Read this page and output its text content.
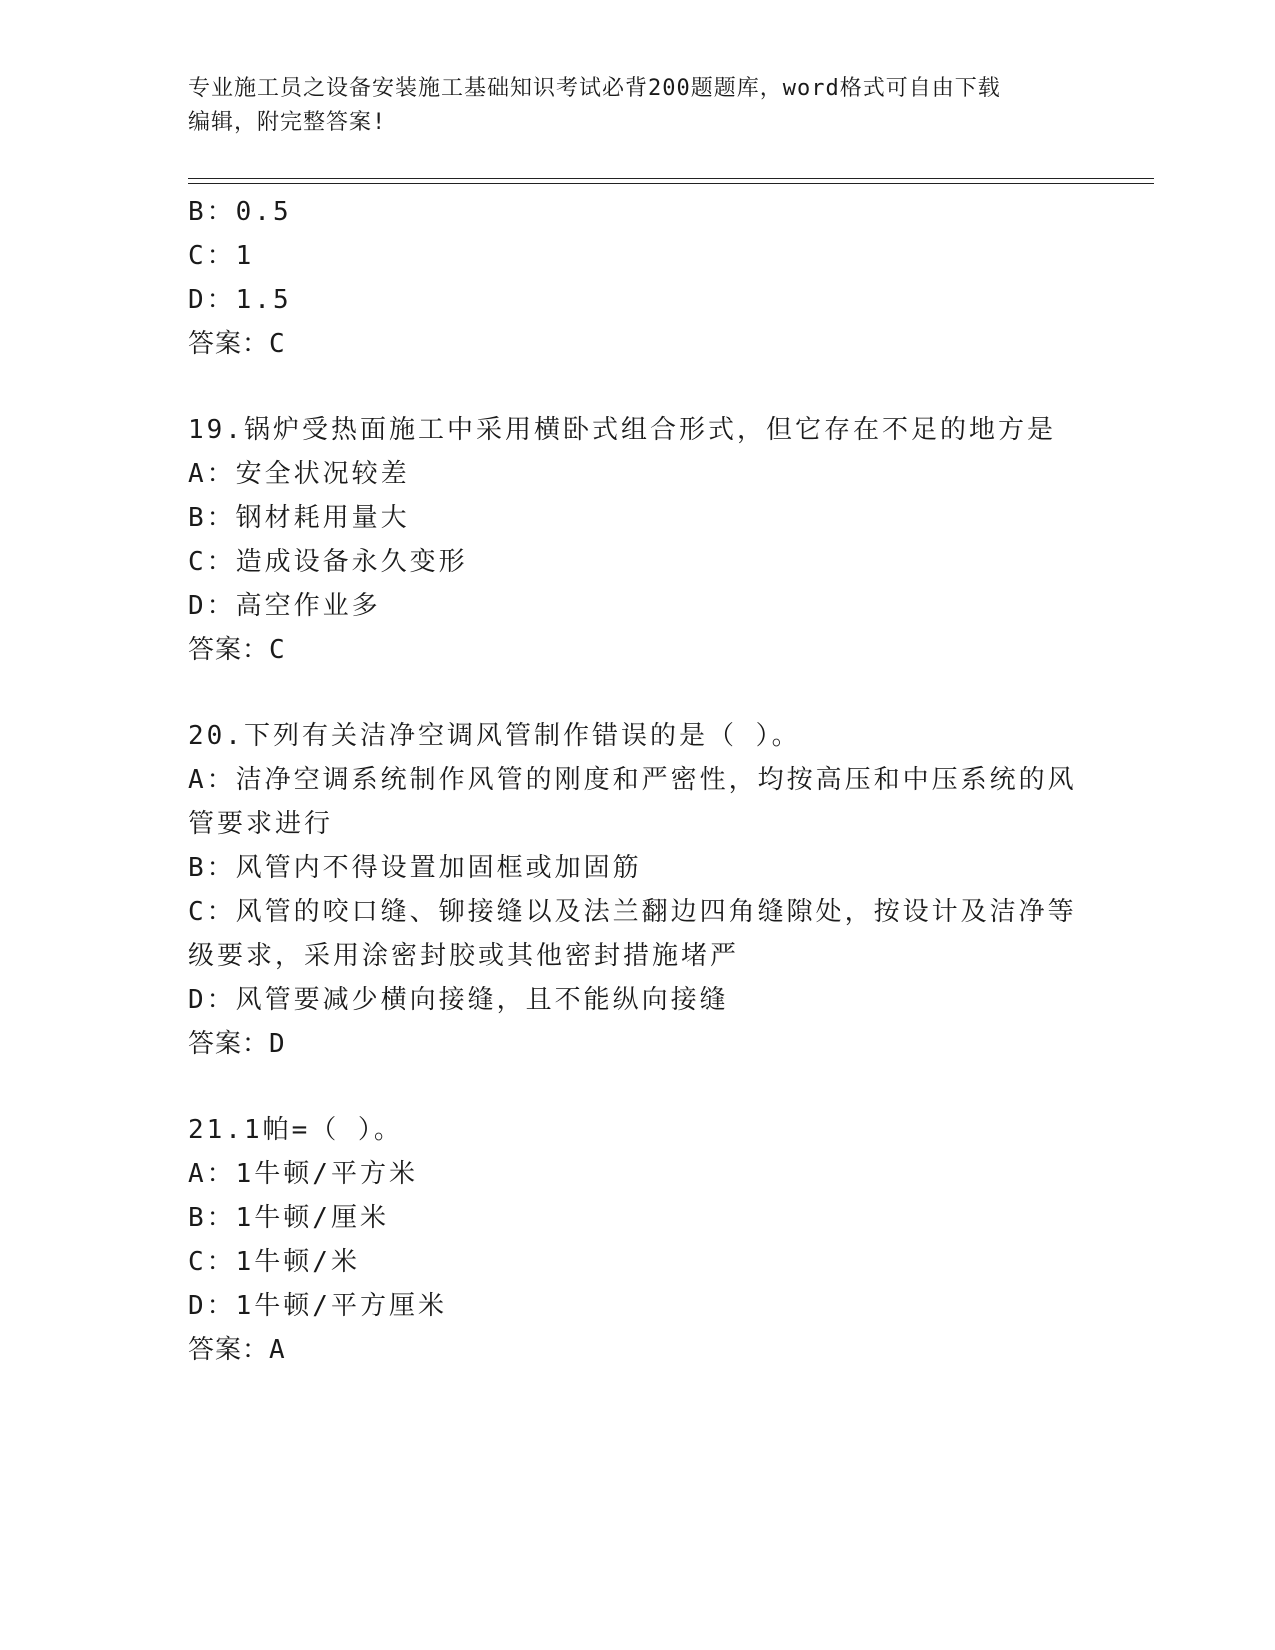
专业施工员之设备安装施工基础知识考试必背200题题库，word格式可自由下载
编辑，附完整答案!
B：0.5
C：1
D：1.5
答案：C
19.锅炉受热面施工中采用横卧式组合形式，但它存在不足的地方是
A：安全状况较差
B：钢材耗用量大
C：造成设备永久变形
D：高空作业多
答案：C
20.下列有关洁净空调风管制作错误的是（ ）。
A：洁净空调系统制作风管的刚度和严密性，均按高压和中压系统的风
管要求进行
B：风管内不得设置加固框或加固筋
C：风管的咬口缝、铆接缝以及法兰翻边四角缝隙处，按设计及洁净等
级要求，采用涂密封胶或其他密封措施堵严
D：风管要减少横向接缝，且不能纵向接缝
答案：D
21.1帕=（ ）。
A：1牛顿/平方米
B：1牛顿/厘米
C：1牛顿/米
D：1牛顿/平方厘米
答案：A
